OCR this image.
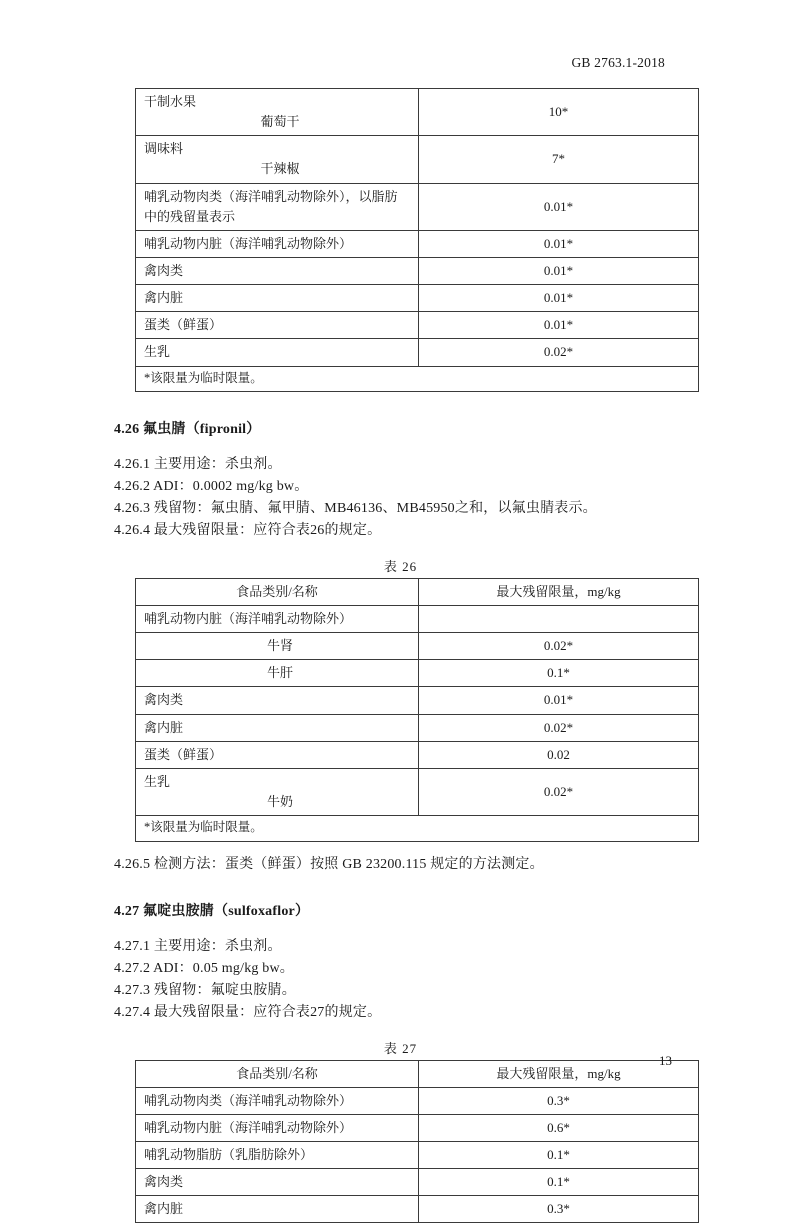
GB 2763.1-2018
干制水果
葡萄干	10*

调味料
干辣椒	7*
哺乳动物肉类（海洋哺乳动物除外），以脂肪中的残留量表示	0.01*
哺乳动物内脏（海洋哺乳动物除外）	0.01*
禽肉类	0.01*
禽内脏	0.01*
蛋类（鲜蛋）	0.01*
生乳	0.02*
*该限量为临时限量。	

4.26 氟虫腈（fipronil）

4.26.1 主要用途：杀虫剂。

4.26.2 ADI：0.0002 mg/kg bw。

4.26.3 残留物：氟虫腈、氟甲腈、MB46136、MB45950之和，以氟虫腈表示。

4.26.4 最大残留限量：应符合表26的规定。

表 26
食品类别/名称	最大残留限量，mg/kg
哺乳动物内脏（海洋哺乳动物除外）	

牛肾	0.02*

牛肝	0.1*
禽肉类	0.01*
禽内脏	0.02*
蛋类（鲜蛋）	0.02

生乳
牛奶	0.02*
*该限量为临时限量。	

4.26.5 检测方法：蛋类（鲜蛋）按照 GB 23200.115 规定的方法测定。

4.27 氟啶虫胺腈（sulfoxaflor）

4.27.1 主要用途：杀虫剂。

4.27.2 ADI：0.05 mg/kg bw。

4.27.3 残留物：氟啶虫胺腈。

4.27.4 最大残留限量：应符合表27的规定。

表 27
食品类别/名称	最大残留限量，mg/kg
哺乳动物肉类（海洋哺乳动物除外）	0.3*
哺乳动物内脏（海洋哺乳动物除外）	0.6*
哺乳动物脂肪（乳脂肪除外）	0.1*
禽肉类	0.1*
禽内脏	0.3*
13
